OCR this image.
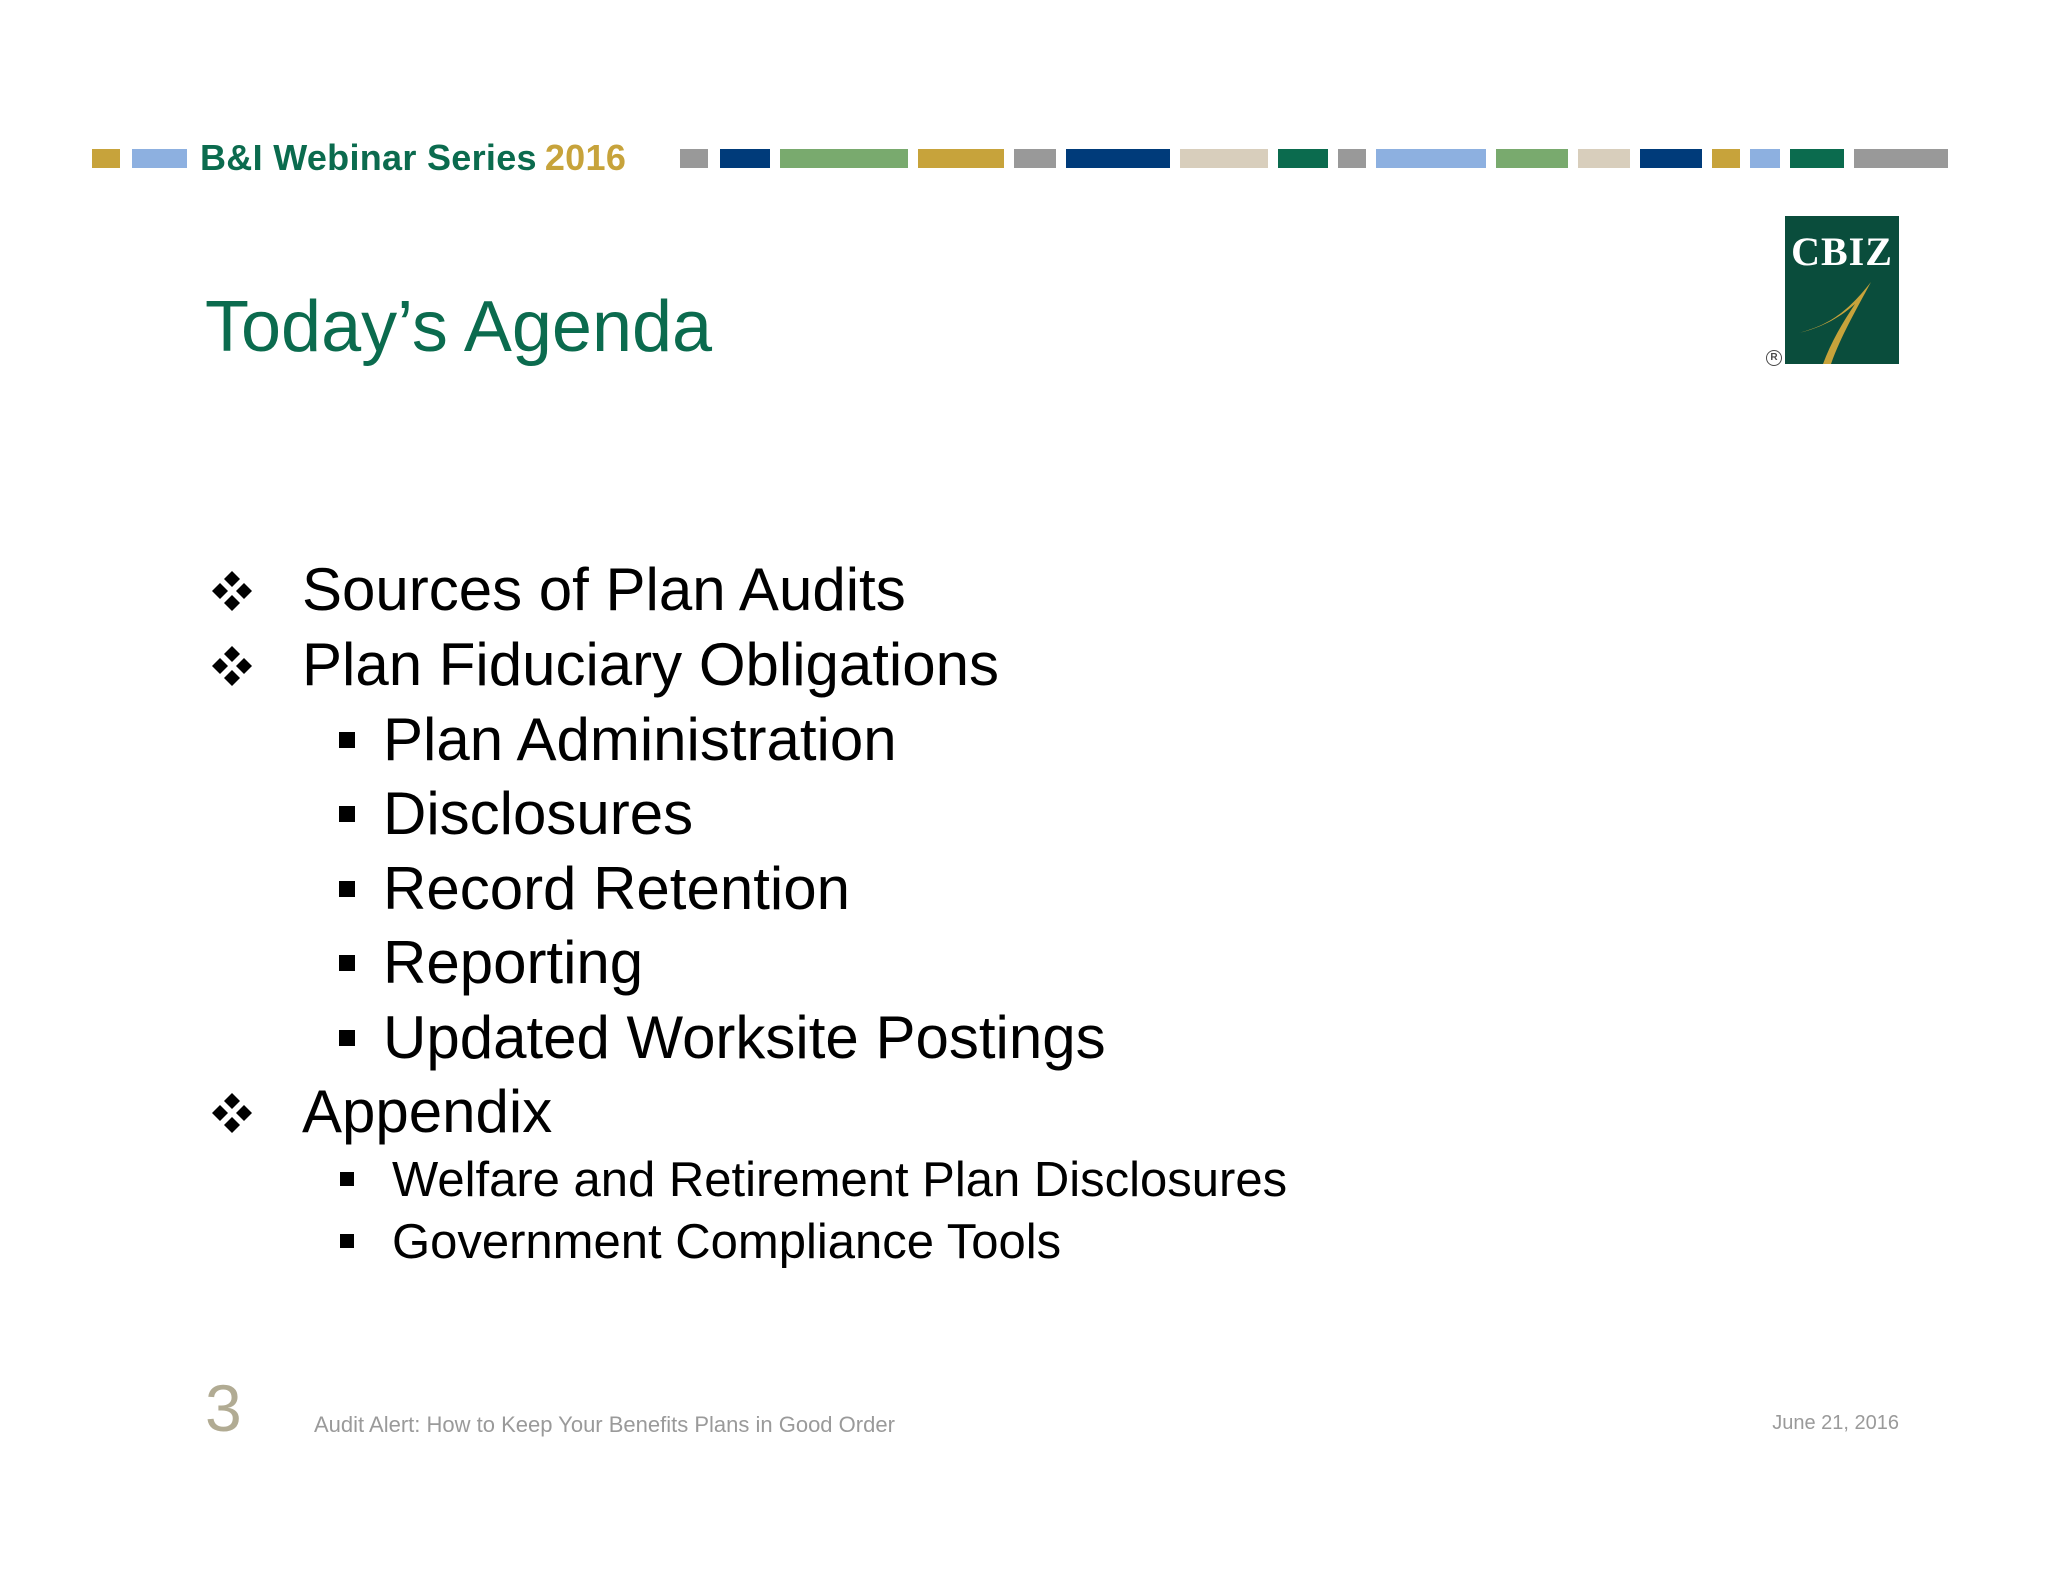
B&I Webinar Series 2016
CBIZ
R
Today’s Agenda
Sources of Plan Audits
Plan Fiduciary Obligations
Plan Administration
Disclosures
Record Retention
Reporting
Updated Worksite Postings
Appendix
Welfare and Retirement Plan Disclosures
Government Compliance Tools
3	Audit Alert: How to Keep Your Benefits Plans in Good Order	June 21, 2016
